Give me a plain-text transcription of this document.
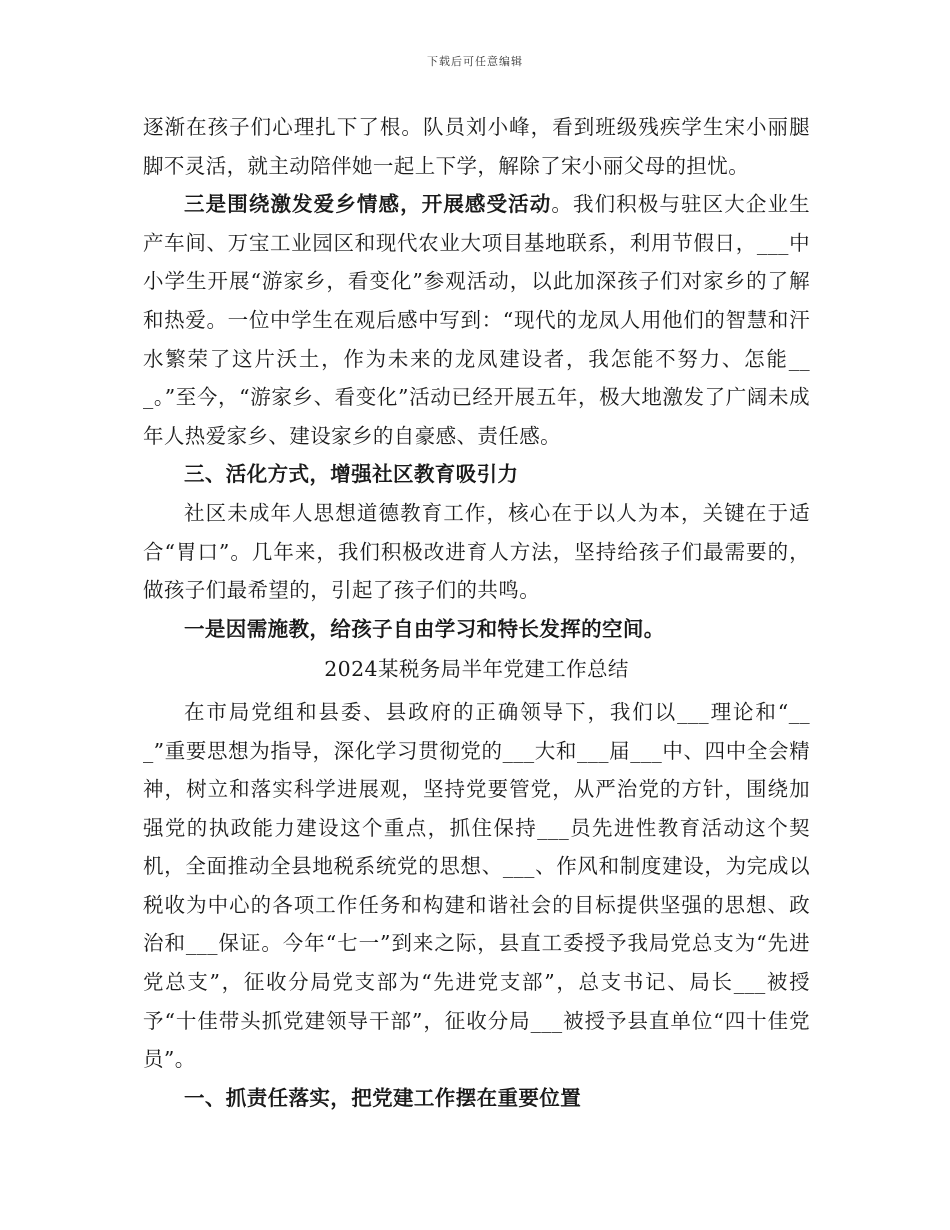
下载后可任意编辑

逐渐在孩子们心理扎下了根。队员刘小峰，看到班级残疾学生宋小丽腿脚不灵活，就主动陪伴她一起上下学，解除了宋小丽父母的担忧。

三是围绕激发爱乡情感，开展感受活动。我们积极与驻区大企业生产车间、万宝工业园区和现代农业大项目基地联系，利用节假日，___中小学生开展“游家乡，看变化”参观活动，以此加深孩子们对家乡的了解和热爱。一位中学生在观后感中写到：“现代的龙凤人用他们的智慧和汗水繁荣了这片沃土，作为未来的龙凤建设者，我怎能不努力、怎能___。”至今，“游家乡、看变化”活动已经开展五年，极大地激发了广阔未成年人热爱家乡、建设家乡的自豪感、责任感。

三、活化方式，增强社区教育吸引力

社区未成年人思想道德教育工作，核心在于以人为本，关键在于适合“胃口”。几年来，我们积极改进育人方法，坚持给孩子们最需要的，做孩子们最希望的，引起了孩子们的共鸣。

一是因需施教，给孩子自由学习和特长发挥的空间。

2024某税务局半年党建工作总结

在市局党组和县委、县政府的正确领导下，我们以___理论和“___”重要思想为指导，深化学习贯彻党的___大和___届___中、四中全会精神，树立和落实科学进展观，坚持党要管党，从严治党的方针，围绕加强党的执政能力建设这个重点，抓住保持___员先进性教育活动这个契机，全面推动全县地税系统党的思想、___、作风和制度建设，为完成以税收为中心的各项工作任务和构建和谐社会的目标提供坚强的思想、政治和___保证。今年“七一”到来之际，县直工委授予我局党总支为“先进党总支”，征收分局党支部为“先进党支部”，总支书记、局长___被授予“十佳带头抓党建领导干部”，征收分局___被授予县直单位“四十佳党员”。

一、抓责任落实，把党建工作摆在重要位置
